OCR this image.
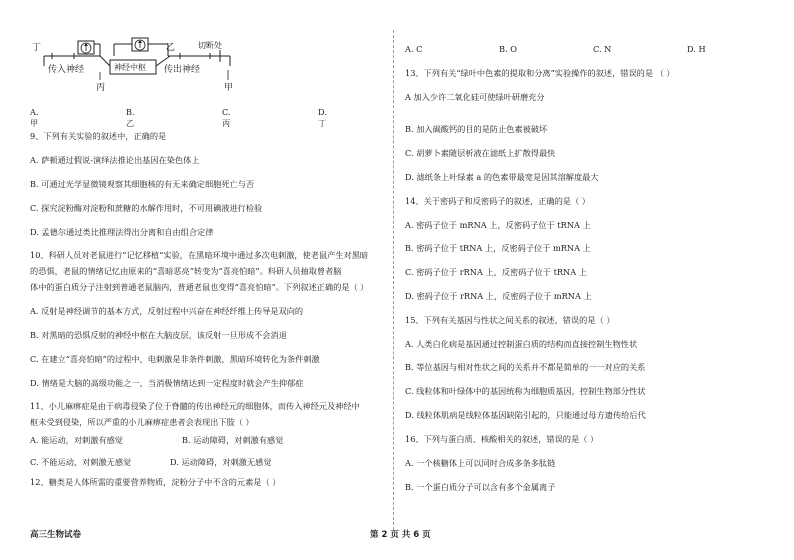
丁
传入神经
丙
神经中枢
乙
传出神经
切断处
甲
A. 甲
B. 乙
C. 丙
D. 丁
9、下列有关实验的叙述中，正确的是
A. 萨顿通过假说-演绎法推论出基因在染色体上
B. 可通过光学显微镜观察其细胞核的有无来确定细胞死亡与否
C. 探究淀粉酶对淀粉和蔗糖的水解作用时，不可用碘液进行检验
D. 孟德尔通过类比推理法得出分离和自由组合定律
10、科研人员对老鼠进行“记忆移植”实验，在黑暗环境中通过多次电刺激，使老鼠产生对黑暗
的恐惧，老鼠的情绪记忆由原来的“喜暗恶亮”转变为“喜亮怕暗”。科研人员抽取曾者脑
体中的蛋白质分子注射到普通老鼠脑内，普通老鼠也变得“喜亮怕暗”。下列叙述正确的是（ ）
A. 反射是神经调节的基本方式，反射过程中兴奋在神经纤维上传导是双向的
B. 对黑暗的恐惧反射的神经中枢在大脑皮层，该反射一旦形成不会消退
C. 在建立“喜亮怕暗”的过程中，电刺激是非条件刺激，黑暗环境转化为条件刺激
D. 情绪是大脑的高级功能之一，当消极情绪达到一定程度时就会产生抑郁症
11、小儿麻痹症是由于病毒侵染了位于脊髓的传出神经元的细胞体，而传入神经元及神经中
枢未受到侵染，所以严重的小儿麻痹症患者会表现出下肢（ ）
A. 能运动，对刺激有感觉	B. 运动障碍，对刺激有感觉
C. 不能运动，对刺激无感觉	D. 运动障碍，对刺激无感觉
12、糖类是人体所需的重要营养物质，淀粉分子中不含的元素是（ ）
A. C	B. O	C. N	D. H
13、下列有关“绿叶中色素的提取和分离”实验操作的叙述，错误的是 （ ）
A 加入少许二氧化硅可使绿叶研磨充分
B. 加入碳酸钙的目的是防止色素被破坏
C. 胡萝卜素随层析液在滤纸上扩散得最快
D. 滤纸条上叶绿素 a 的色素带最宽是因其溶解度最大
14、关于密码子和反密码子的叙述，正确的是（ ）
A. 密码子位于 mRNA 上，反密码子位于 tRNA 上
B. 密码子位于 tRNA 上，反密码子位于 mRNA 上
C. 密码子位于 rRNA 上，反密码子位于 tRNA 上
D. 密码子位于 rRNA 上，反密码子位于 mRNA 上
15、下列有关基因与性状之间关系的叙述，错误的是（ ）
A. 人类白化病是基因通过控制蛋白质的结构而直接控制生物性状
B. 等位基因与相对性状之间的关系并不都是简单的一一对应的关系
C. 线粒体和叶绿体中的基因统称为细胞质基因，控制生物部分性状
D. 线粒体肌病是线粒体基因缺陷引起的，只能通过母方遗传给后代
16、下列与蛋白质、核酸相关的叙述，错误的是（ ）
A. 一个核糖体上可以同时合成多条多肽链
B. 一个蛋白质分子可以含有多个金属离子
高三生物试卷	第 2 页 共 6 页
